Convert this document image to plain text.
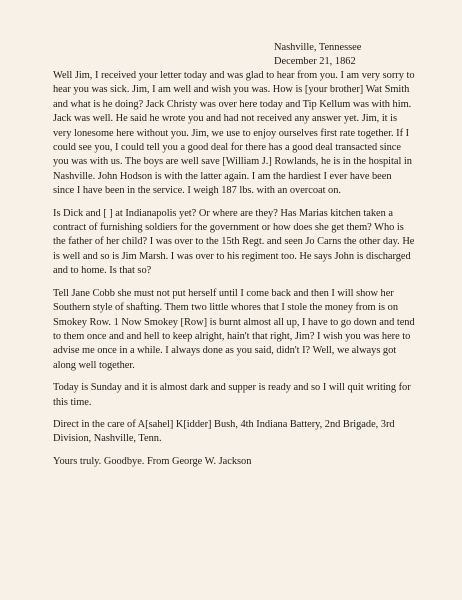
Nashville, Tennessee
December 21, 1862

Well Jim, I received your letter today and was glad to hear from you. I am very sorry to hear you was sick. Jim, I am well and wish you was. How is [your brother] Wat Smith and what is he doing? Jack Christy was over here today and Tip Kellum was with him. Jack was well. He said he wrote you and had not received any answer yet. Jim, it is very lonesome here without you. Jim, we use to enjoy ourselves first rate together. If I could see you, I could tell you a good deal for there has a good deal transacted since you was with us. The boys are well save [William J.] Rowlands, he is in the hospital in Nashville. John Hodson is with the latter again. I am the hardiest I ever have been since I have been in the service. I weigh 187 lbs. with an overcoat on.

Is Dick and [ ] at Indianapolis yet? Or where are they? Has Marias kitchen taken a contract of furnishing soldiers for the government or how does she get them? Who is the father of her child? I was over to the 15th Regt. and seen Jo Carns the other day. He is well and so is Jim Marsh. I was over to his regiment too. He says John is discharged and to home. Is that so?

Tell Jane Cobb she must not put herself until I come back and then I will show her Southern style of shafting. Them two little whores that I stole the money from is on Smokey Row. 1 Now Smokey [Row] is burnt almost all up, I have to go down and tend to them once and and hell to keep alright, hain't that right, Jim? I wish you was here to advise me once in a while. I always done as you said, didn't I? Well, we always got along well together.

Today is Sunday and it is almost dark and supper is ready and so I will quit writing for this time.

Direct in the care of A[sahel] K[idder] Bush, 4th Indiana Battery, 2nd Brigade, 3rd Division, Nashville, Tenn.

Yours truly. Goodbye. From George W. Jackson
